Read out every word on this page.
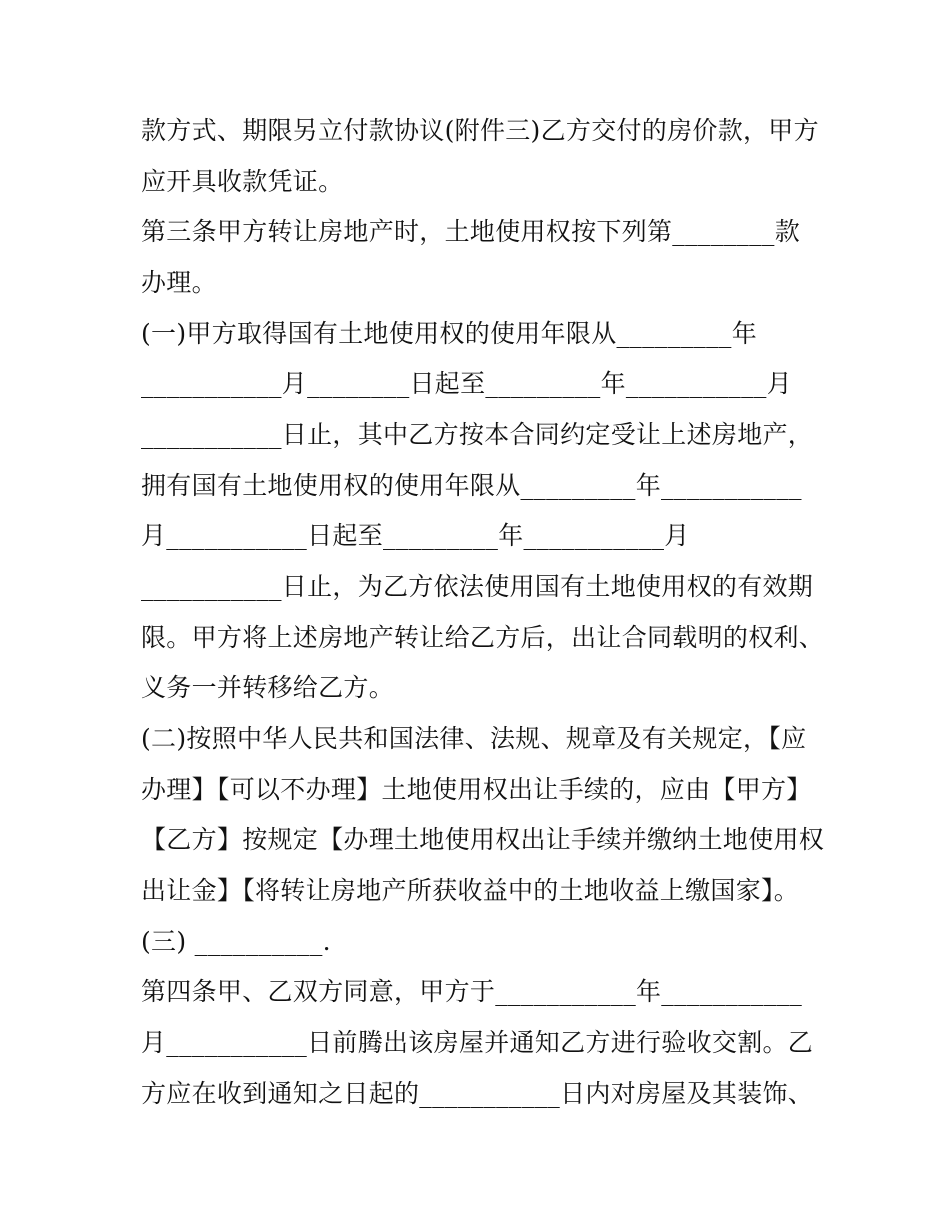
款方式、期限另立付款协议(附件三)乙方交付的房价款，甲方
应开具收款凭证。
第三条甲方转让房地产时，土地使用权按下列第________款
办理。
(一)甲方取得国有土地使用权的使用年限从_________年
___________月________日起至_________年___________月
___________日止，其中乙方按本合同约定受让上述房地产，
拥有国有土地使用权的使用年限从_________年___________
月___________日起至_________年___________月
___________日止，为乙方依法使用国有土地使用权的有效期
限。甲方将上述房地产转让给乙方后，出让合同载明的权利、
义务一并转移给乙方。
(二)按照中华人民共和国法律、法规、规章及有关规定，【应
办理】【可以不办理】土地使用权出让手续的，应由【甲方】
【乙方】按规定【办理土地使用权出让手续并缴纳土地使用权
出让金】【将转让房地产所获收益中的土地收益上缴国家】。
(三) __________.
第四条甲、乙双方同意，甲方于___________年___________
月___________日前腾出该房屋并通知乙方进行验收交割。乙
方应在收到通知之日起的___________日内对房屋及其装饰、
